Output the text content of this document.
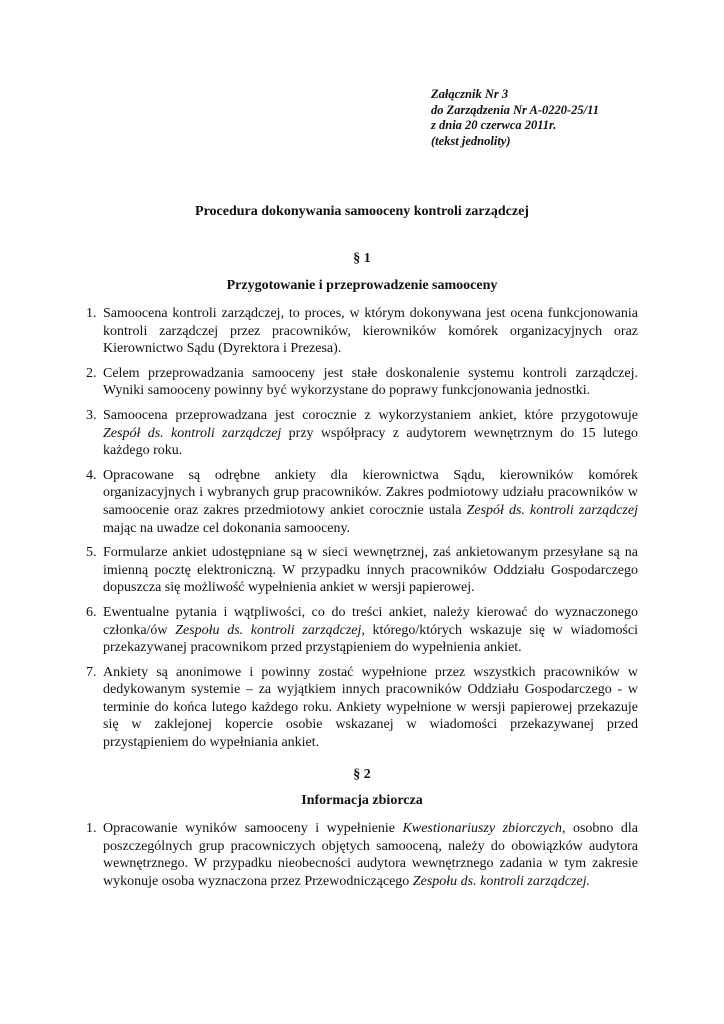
Załącznik Nr 3
do Zarządzenia Nr A-0220-25/11
z dnia 20 czerwca 2011r.
(tekst jednolity)
Procedura dokonywania samooceny kontroli zarządczej
§ 1
Przygotowanie i przeprowadzenie samooceny
1. Samoocena kontroli zarządczej, to proces, w którym dokonywana jest ocena funkcjonowania kontroli zarządczej przez pracowników, kierowników komórek organizacyjnych oraz Kierownictwo Sądu (Dyrektora i Prezesa).
2. Celem przeprowadzania samooceny jest stałe doskonalenie systemu kontroli zarządczej. Wyniki samooceny powinny być wykorzystane do poprawy funkcjonowania jednostki.
3. Samoocena przeprowadzana jest corocznie z wykorzystaniem ankiet, które przygotowuje Zespół ds. kontroli zarządczej przy współpracy z audytorem wewnętrznym do 15 lutego każdego roku.
4. Opracowane są odrębne ankiety dla kierownictwa Sądu, kierowników komórek organizacyjnych i wybranych grup pracowników. Zakres podmiotowy udziału pracowników w samoocenie oraz zakres przedmiotowy ankiet corocznie ustala Zespół ds. kontroli zarządczej mając na uwadze cel dokonania samooceny.
5. Formularze ankiet udostępniane są w sieci wewnętrznej, zaś ankietowanym przesyłane są na imienną pocztę elektroniczną. W przypadku innych pracowników Oddziału Gospodarczego dopuszcza się możliwość wypełnienia ankiet w wersji papierowej.
6. Ewentualne pytania i wątpliwości, co do treści ankiet, należy kierować do wyznaczonego członka/ów Zespołu ds. kontroli zarządczej, którego/których wskazuje się w wiadomości przekazywanej pracownikom przed przystąpieniem do wypełnienia ankiet.
7. Ankiety są anonimowe i powinny zostać wypełnione przez wszystkich pracowników w dedykowanym systemie – za wyjątkiem innych pracowników Oddziału Gospodarczego - w terminie do końca lutego każdego roku. Ankiety wypełnione w wersji papierowej przekazuje się w zaklejonej kopercie osobie wskazanej w wiadomości przekazywanej przed przystąpieniem do wypełniania ankiet.
§ 2
Informacja zbiorcza
1. Opracowanie wyników samooceny i wypełnienie Kwestionariuszy zbiorczych, osobno dla poszczególnych grup pracowniczych objętych samooceną, należy do obowiązków audytora wewnętrznego. W przypadku nieobecności audytora wewnętrznego zadania w tym zakresie wykonuje osoba wyznaczona przez Przewodniczącego Zespołu ds. kontroli zarządczej.
